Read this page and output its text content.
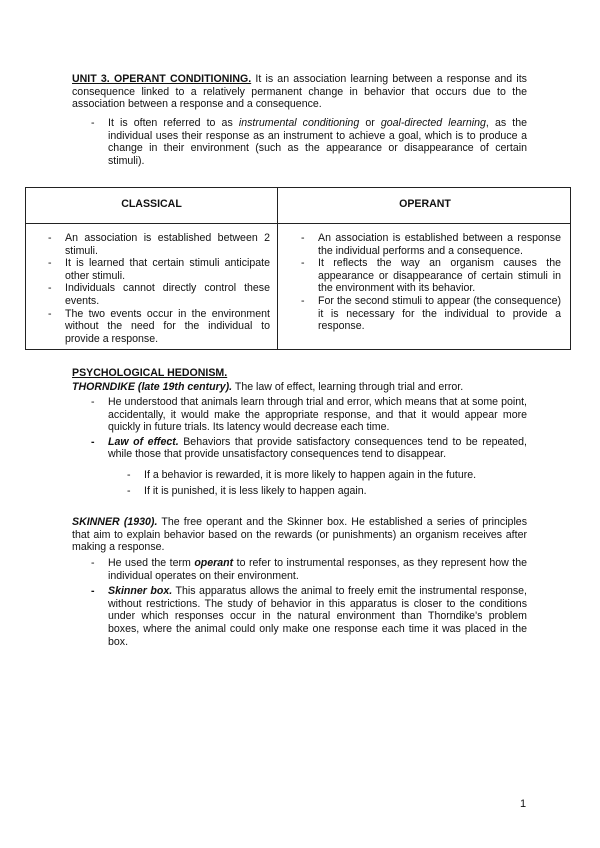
UNIT 3. OPERANT CONDITIONING. It is an association learning between a response and its consequence linked to a relatively permanent change in behavior that occurs due to the association between a response and a consequence.
- It is often referred to as instrumental conditioning or goal-directed learning, as the individual uses their response as an instrument to achieve a goal, which is to produce a change in their environment (such as the appearance or disappearance of certain stimuli).
CLASSICAL	OPERANT
- An association is established between 2 stimuli.
- It is learned that certain stimuli anticipate other stimuli.
- Individuals cannot directly control these events.
- The two events occur in the environment without the need for the individual to provide a response.
- An association is established between a response the individual performs and a consequence.
- It reflects the way an organism causes the appearance or disappearance of certain stimuli in the environment with its behavior.
- For the second stimuli to appear (the consequence) it is necessary for the individual to provide a response.
PSYCHOLOGICAL HEDONISM.
THORNDIKE (late 19th century). The law of effect, learning through trial and error.
- He understood that animals learn through trial and error, which means that at some point, accidentally, it would make the appropriate response, and that it would appear more quickly in future trials. Its latency would decrease each time.
- Law of effect. Behaviors that provide satisfactory consequences tend to be repeated, while those that provide unsatisfactory consequences tend to disappear.
- If a behavior is rewarded, it is more likely to happen again in the future.
- If it is punished, it is less likely to happen again.
SKINNER (1930). The free operant and the Skinner box. He established a series of principles that aim to explain behavior based on the rewards (or punishments) an organism receives after making a response.
- He used the term operant to refer to instrumental responses, as they represent how the individual operates on their environment.
- Skinner box. This apparatus allows the animal to freely emit the instrumental response, without restrictions. The study of behavior in this apparatus is closer to the conditions under which responses occur in the natural environment than Thorndike's problem boxes, where the animal could only make one response each time it was placed in the box.
1
